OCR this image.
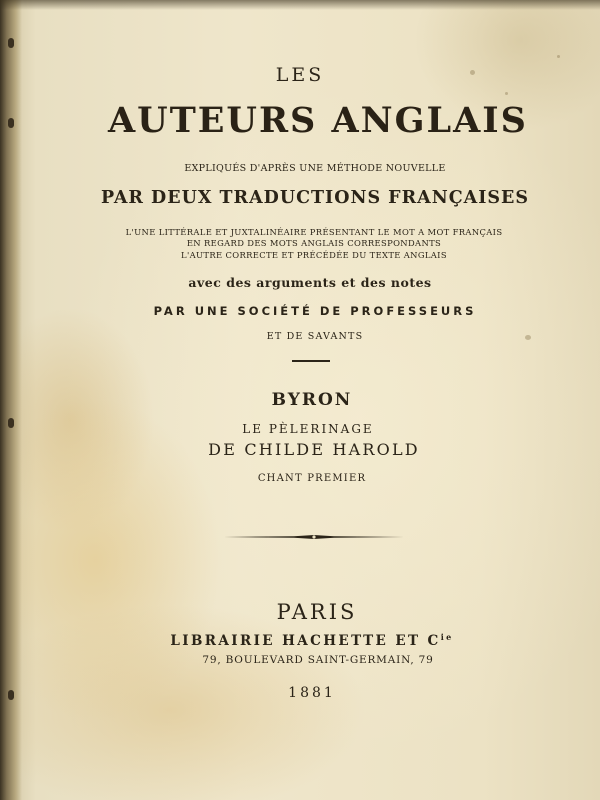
LES
AUTEURS ANGLAIS
EXPLIQUÉS D'APRÈS UNE MÉTHODE NOUVELLE
PAR DEUX TRADUCTIONS FRANÇAISES
L'UNE LITTÉRALE ET JUXTALINÉAIRE PRÉSENTANT LE MOT A MOT FRANÇAIS
EN REGARD DES MOTS ANGLAIS CORRESPONDANTS
L'AUTRE CORRECTE ET PRÉCÉDÉE DU TEXTE ANGLAIS
avec des arguments et des notes
PAR UNE SOCIÉTÉ DE PROFESSEURS
ET DE SAVANTS
BYRON
LE PÈLERINAGE
DE CHILDE HAROLD
CHANT PREMIER
PARIS
LIBRAIRIE HACHETTE ET $C^{ie}$
79, BOULEVARD SAINT-GERMAIN, 79
1881
